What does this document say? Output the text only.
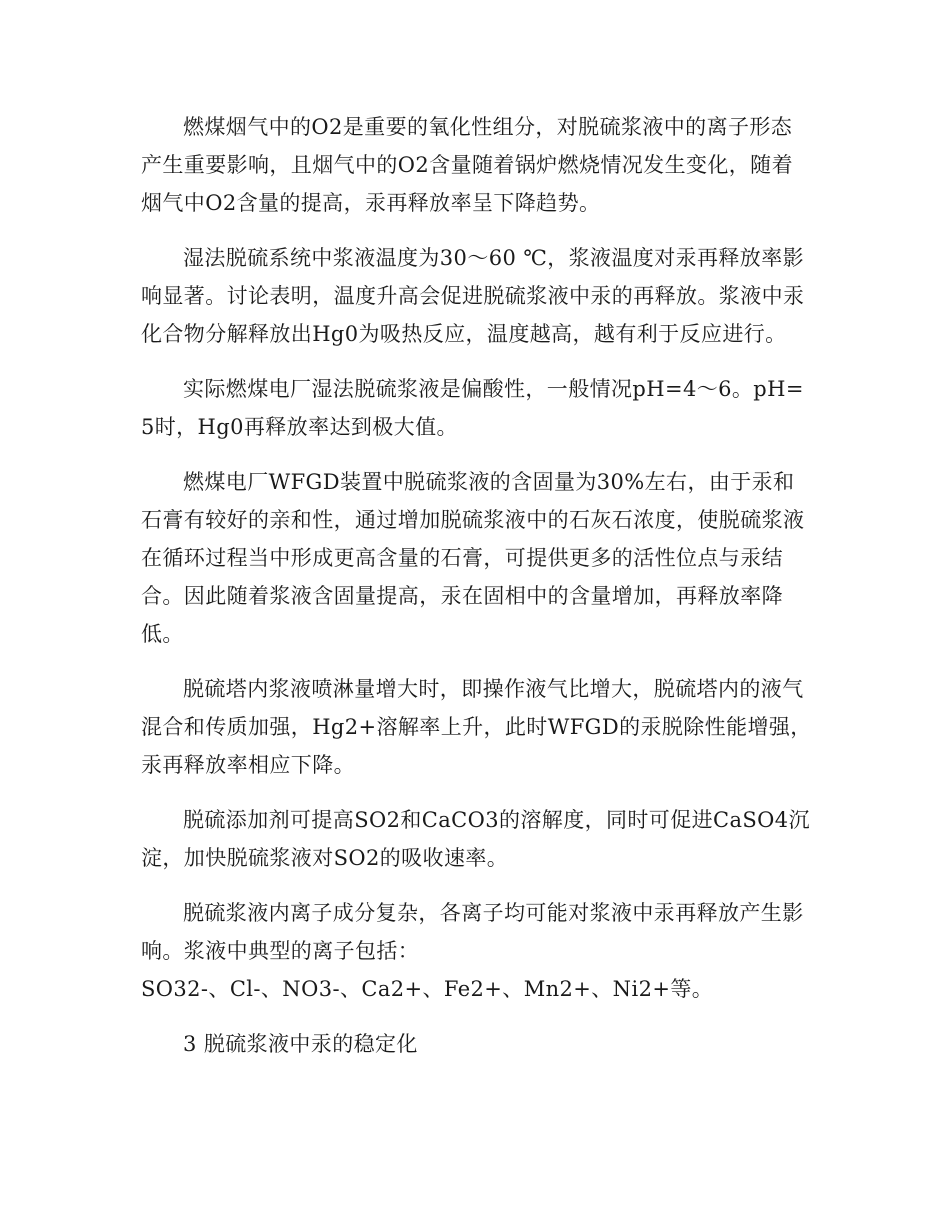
燃煤烟气中的O2是重要的氧化性组分，对脱硫浆液中的离子形态产生重要影响，且烟气中的O2含量随着锅炉燃烧情况发生变化，随着烟气中O2含量的提高，汞再释放率呈下降趋势。

湿法脱硫系统中浆液温度为30～60 ℃，浆液温度对汞再释放率影响显著。讨论表明，温度升高会促进脱硫浆液中汞的再释放。浆液中汞化合物分解释放出Hg0为吸热反应，温度越高，越有利于反应进行。

实际燃煤电厂湿法脱硫浆液是偏酸性，一般情况pH=4～6。pH=5时，Hg0再释放率达到极大值。

燃煤电厂WFGD装置中脱硫浆液的含固量为30%左右，由于汞和石膏有较好的亲和性，通过增加脱硫浆液中的石灰石浓度，使脱硫浆液在循环过程当中形成更高含量的石膏，可提供更多的活性位点与汞结合。因此随着浆液含固量提高，汞在固相中的含量增加，再释放率降低。

脱硫塔内浆液喷淋量增大时，即操作液气比增大，脱硫塔内的液气混合和传质加强，Hg2+溶解率上升，此时WFGD的汞脱除性能增强，汞再释放率相应下降。

脱硫添加剂可提高SO2和CaCO3的溶解度，同时可促进CaSO4沉淀，加快脱硫浆液对SO2的吸收速率。

脱硫浆液内离子成分复杂，各离子均可能对浆液中汞再释放产生影响。浆液中典型的离子包括：
SO32-、Cl-、NO3-、Ca2+、Fe2+、Mn2+、Ni2+等。

3 脱硫浆液中汞的稳定化
